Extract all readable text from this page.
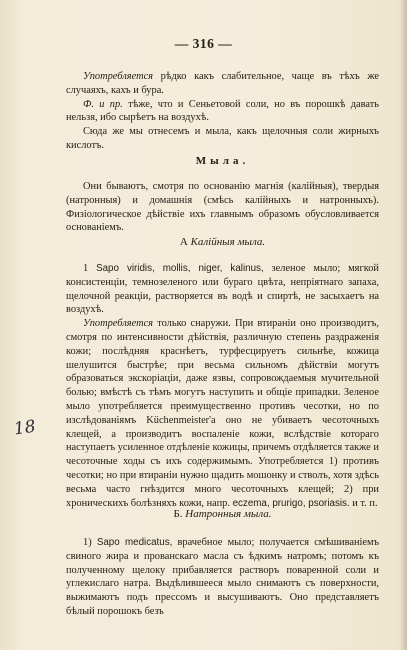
— 316 —

Употребляется рѣдко какъ слабительное, чаще въ тѣхъ же случаяхъ, кахъ и бура.

Ф. и пр. тѣже, что и Сеньетовой соли, но въ порошкѣ давать нельзя, ибо сырѣетъ на воздухѣ.

Сюда же мы отнесемъ и мыла, какъ щелочныя соли жирныхъ кислотъ.

Мыла.

Они бываютъ, смотря по основанію магнія (калійныя), твердыя (натронныя) и домашнія (смѣсь калійныхъ и натронныхъ). Физіологическое дѣйствіе ихъ главнымъ образомъ обусловливается основаніемъ.

А Калійныя мыла.

1 Sapo viridis, mollis, niger, kalinus, зеленое мыло; мягкой консистенціи, темнозеленого или бураго цвѣта, непріятнаго запаха, щелочной реакціи, растворяется въ водѣ и спиртѣ, не засыхаетъ на воздухѣ.

Употребляется только снаружи. При втираніи оно производитъ, смотря по интенсивности дѣйствія, различную степень раздраженія кожи; послѣдняя краснѣетъ, турфесцируетъ сильнѣе, кожица шелушится быстрѣе; при весьма сильномъ дѣйствіи могутъ образоваться экскоріаціи, даже язвы, сопровождаемыя мучительной болью; вмѣстѣ съ тѣмъ могутъ наступить и общіе припадки. Зеленое мыло употребляется преимущественно противъ чесотки, но по изслѣдованіямъ Küchenmeister'а оно не убиваетъ чесоточныхъ клещей, а производитъ воспаленіе кожи, вслѣдствіе котораго наступаетъ усиленное отдѣленіе кожицы, причемъ отдѣляется также и чесоточные ходы съ ихъ содержимымъ. Употребляется 1) противъ чесотки; но при втираніи нужно щадить мошонку и стволъ, хотя здѣсь весьма часто гнѣздится много чесоточныхъ клещей; 2) при хроническихъ болѣзняхъ кожи, напр. eczema, prurigo, psoriasis. и т. п.

18
Б. Натронныя мыла.

1) Sapo medicatus, врачебное мыло; получается смѣшиваніемъ свиного жира и прованскаго масла съ ѣдкимъ натромъ; потомъ къ полученному щелоку прибавляется растворъ поваренной соли и углекислаго натра. Выдѣлившееся мыло снимаютъ съ поверхности, выжимаютъ подъ прессомъ и высушиваютъ. Оно представляетъ бѣлый порошокъ безъ
